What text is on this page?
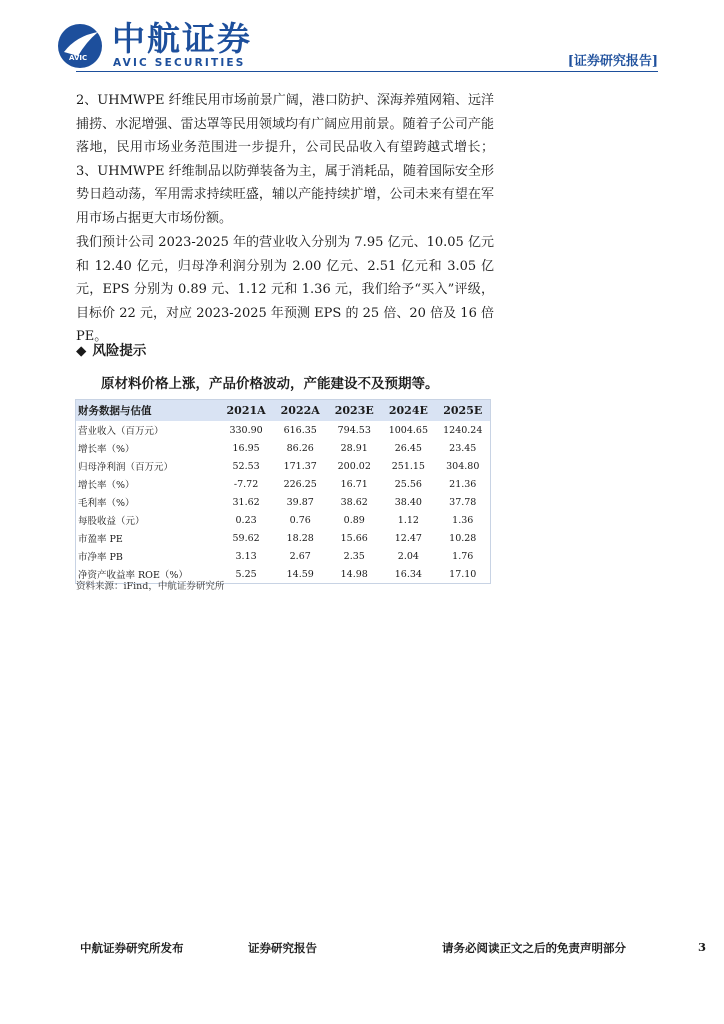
AVIC 中航证券
AVIC SECURITIES	[证券研究报告]
2、UHMWPE 纤维民用市场前景广阔，港口防护、深海养殖网箱、远洋捕捞、水泥增强、雷达罩等民用领域均有广阔应用前景。随着子公司产能落地，民用市场业务范围进一步提升，公司民品收入有望跨越式增长；3、UHMWPE 纤维制品以防弹装备为主，属于消耗品，随着国际安全形势日趋动荡，军用需求持续旺盛，辅以产能持续扩增，公司未来有望在军用市场占据更大市场份额。
我们预计公司 2023-2025 年的营业收入分别为 7.95 亿元、10.05 亿元和 12.40 亿元，归母净利润分别为 2.00 亿元、2.51 亿元和 3.05 亿元，EPS 分别为 0.89 元、1.12 元和 1.36 元，我们给予“买入”评级，目标价 22 元，对应 2023-2025 年预测 EPS 的 25 倍、20 倍及 16 倍 PE。
◆ 风险提示
原材料价格上涨，产品价格波动，产能建设不及预期等。
财务数据与估值	2021A	2022A	2023E	2024E	2025E
营业收入（百万元）	330.90	616.35	794.53	1004.65	1240.24
增长率（%）	16.95	86.26	28.91	26.45	23.45
归母净利润（百万元）	52.53	171.37	200.02	251.15	304.80
增长率（%）	-7.72	226.25	16.71	25.56	21.36
毛利率（%）	31.62	39.87	38.62	38.40	37.78
每股收益（元）	0.23	0.76	0.89	1.12	1.36
市盈率 PE	59.62	18.28	15.66	12.47	10.28
市净率 PB	3.13	2.67	2.35	2.04	1.76
净资产收益率 ROE（%）	5.25	14.59	14.98	16.34	17.10
资料来源：iFind，中航证券研究所
中航证券研究所发布	证券研究报告	请务必阅读正文之后的免责声明部分	3
